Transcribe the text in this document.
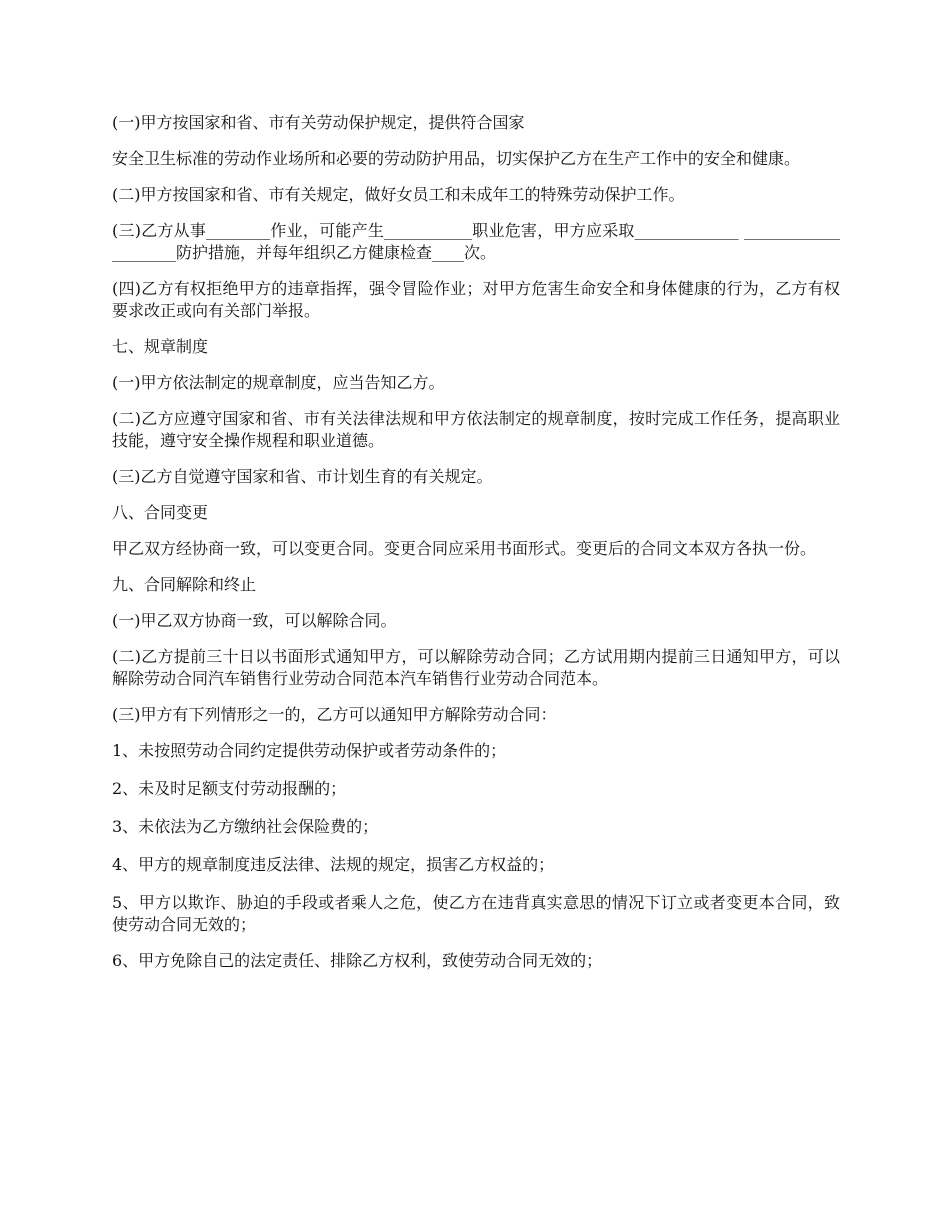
(一)甲方按国家和省、市有关劳动保护规定，提供符合国家

安全卫生标准的劳动作业场所和必要的劳动防护用品，切实保护乙方在生产工作中的安全和健康。

(二)甲方按国家和省、市有关规定，做好女员工和未成年工的特殊劳动保护工作。

(三)乙方从事________作业，可能产生___________职业危害，甲方应采取_____________ ____________________防护措施，并每年组织乙方健康检查____次。

(四)乙方有权拒绝甲方的违章指挥，强令冒险作业；对甲方危害生命安全和身体健康的行为，乙方有权要求改正或向有关部门举报。

七、规章制度

(一)甲方依法制定的规章制度，应当告知乙方。

(二)乙方应遵守国家和省、市有关法律法规和甲方依法制定的规章制度，按时完成工作任务，提高职业技能，遵守安全操作规程和职业道德。

(三)乙方自觉遵守国家和省、市计划生育的有关规定。

八、合同变更

甲乙双方经协商一致，可以变更合同。变更合同应采用书面形式。变更后的合同文本双方各执一份。

九、合同解除和终止

(一)甲乙双方协商一致，可以解除合同。

(二)乙方提前三十日以书面形式通知甲方，可以解除劳动合同；乙方试用期内提前三日通知甲方，可以解除劳动合同汽车销售行业劳动合同范本汽车销售行业劳动合同范本。

(三)甲方有下列情形之一的，乙方可以通知甲方解除劳动合同：

1、未按照劳动合同约定提供劳动保护或者劳动条件的；

2、未及时足额支付劳动报酬的；

3、未依法为乙方缴纳社会保险费的；

4、甲方的规章制度违反法律、法规的规定，损害乙方权益的；

5、甲方以欺诈、胁迫的手段或者乘人之危，使乙方在违背真实意思的情况下订立或者变更本合同，致使劳动合同无效的；

6、甲方免除自己的法定责任、排除乙方权利，致使劳动合同无效的；
